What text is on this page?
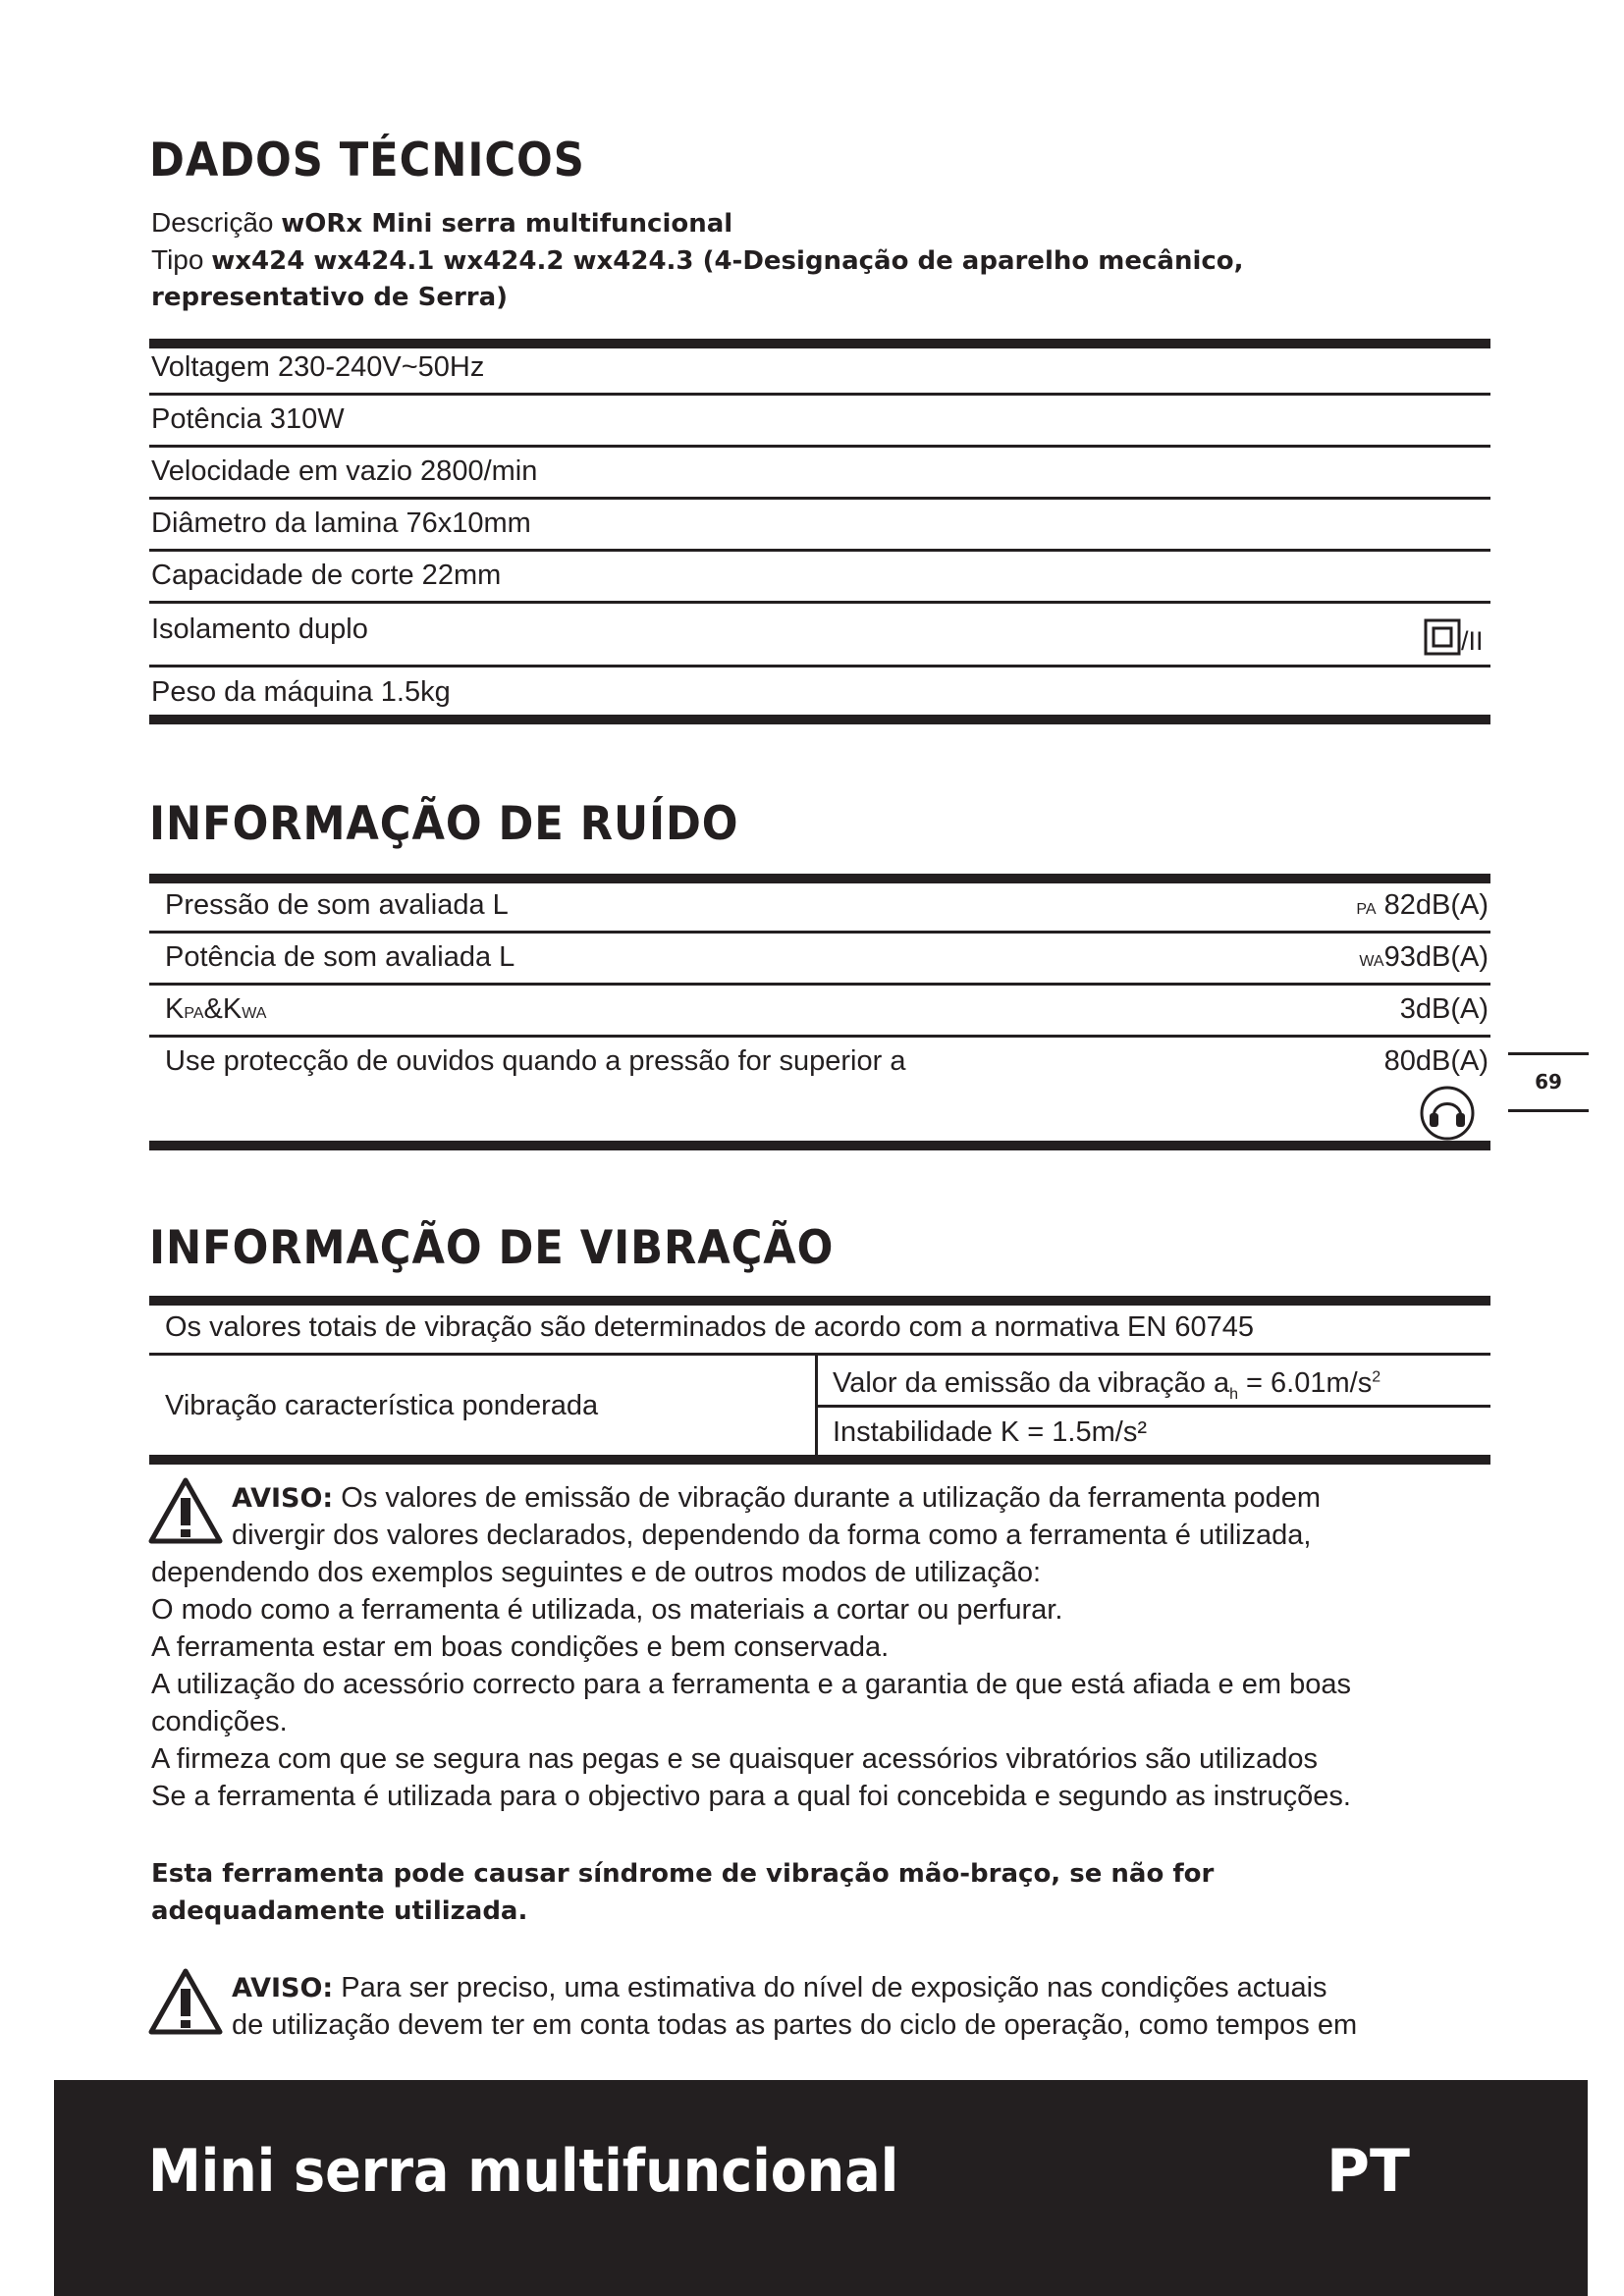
DADOS TÉCNICOS
Descrição wORx Mini serra multifuncional
Tipo wx424 wx424.1 wx424.2 wx424.3 (4-Designação de aparelho mecânico,
representativo de Serra)
Voltagem 230-240V~50Hz
Potência 310W
Velocidade em vazio 2800/min
Diâmetro da lamina 76x10mm
Capacidade de corte 22mm
Isolamento duplo	/II
Peso da máquina 1.5kg
INFORMAÇÃO DE RUÍDO
Pressão de som avaliada L	PA 82dB(A)
Potência de som avaliada L	WA93dB(A)
KPA&KWA	3dB(A)
Use protecção de ouvidos quando a pressão for superior a	80dB(A)
69
INFORMAÇÃO DE VIBRAÇÃO
Os valores totais de vibração são determinados de acordo com a normativa EN 60745
Vibração característica ponderada
Valor da emissão da vibração $a_h = 6.01m/s^2$
Instabilidade K = 1.5m/s²
AVISO: Os valores de emissão de vibração durante a utilização da ferramenta podem
divergir dos valores declarados, dependendo da forma como a ferramenta é utilizada,
dependendo dos exemplos seguintes e de outros modos de utilização:
O modo como a ferramenta é utilizada, os materiais a cortar ou perfurar.
A ferramenta estar em boas condições e bem conservada.
A utilização do acessório correcto para a ferramenta e a garantia de que está afiada e em boas
condições.
A firmeza com que se segura nas pegas e se quaisquer acessórios vibratórios são utilizados
Se a ferramenta é utilizada para o objectivo para a qual foi concebida e segundo as instruções.
Esta ferramenta pode causar síndrome de vibração mão-braço, se não for
adequadamente utilizada.
AVISO: Para ser preciso, uma estimativa do nível de exposição nas condições actuais
de utilização devem ter em conta todas as partes do ciclo de operação, como tempos em
Mini serra multifuncional	PT
